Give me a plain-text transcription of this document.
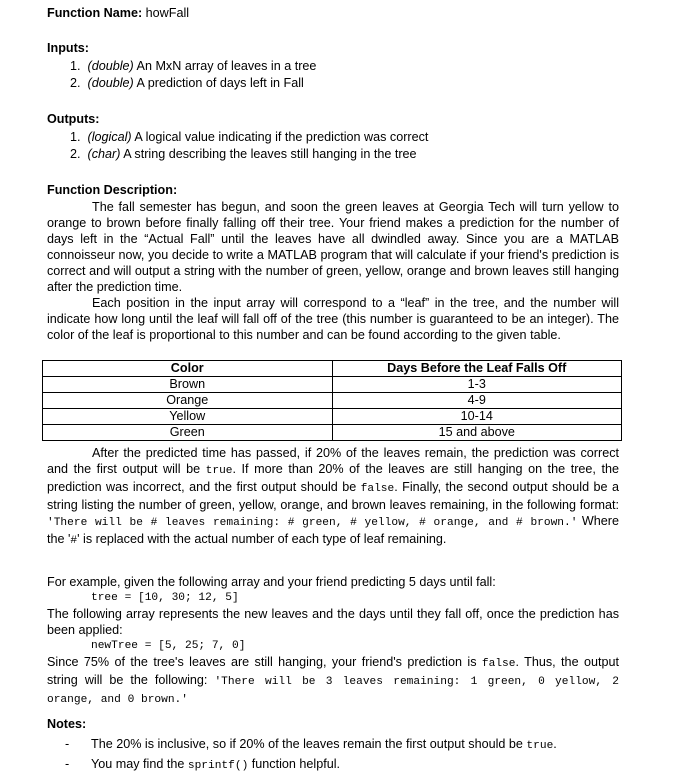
Function Name: howFall
Inputs:
1. (double) An MxN array of leaves in a tree
2. (double) A prediction of days left in Fall
Outputs:
1. (logical) A logical value indicating if the prediction was correct
2. (char) A string describing the leaves still hanging in the tree
Function Description:
The fall semester has begun, and soon the green leaves at Georgia Tech will turn yellow to orange to brown before finally falling off their tree. Your friend makes a prediction for the number of days left in the “Actual Fall” until the leaves have all dwindled away. Since you are a MATLAB connoisseur now, you decide to write a MATLAB program that will calculate if your friend's prediction is correct and will output a string with the number of green, yellow, orange and brown leaves still hanging after the prediction time.
Each position in the input array will correspond to a “leaf” in the tree, and the number will indicate how long until the leaf will fall off of the tree (this number is guaranteed to be an integer). The color of the leaf is proportional to this number and can be found according to the given table.
Color	Days Before the Leaf Falls Off
Brown	1-3
Orange	4-9
Yellow	10-14
Green	15 and above
After the predicted time has passed, if 20% of the leaves remain, the prediction was correct and the first output will be true. If more than 20% of the leaves are still hanging on the tree, the prediction was incorrect, and the first output should be false. Finally, the second output should be a string listing the number of green, yellow, orange, and brown leaves remaining, in the following format: 'There will be # leaves remaining: # green, # yellow, # orange, and # brown.' Where the '#' is replaced with the actual number of each type of leaf remaining.
For example, given the following array and your friend predicting 5 days until fall:
tree = [10, 30; 12, 5]
The following array represents the new leaves and the days until they fall off, once the prediction has been applied:
newTree = [5, 25; 7, 0]
Since 75% of the tree's leaves are still hanging, your friend's prediction is false. Thus, the output string will be the following: 'There will be 3 leaves remaining: 1 green, 0 yellow, 2 orange, and 0 brown.'
Notes:
- The 20% is inclusive, so if 20% of the leaves remain the first output should be true.
- You may find the sprintf() function helpful.
